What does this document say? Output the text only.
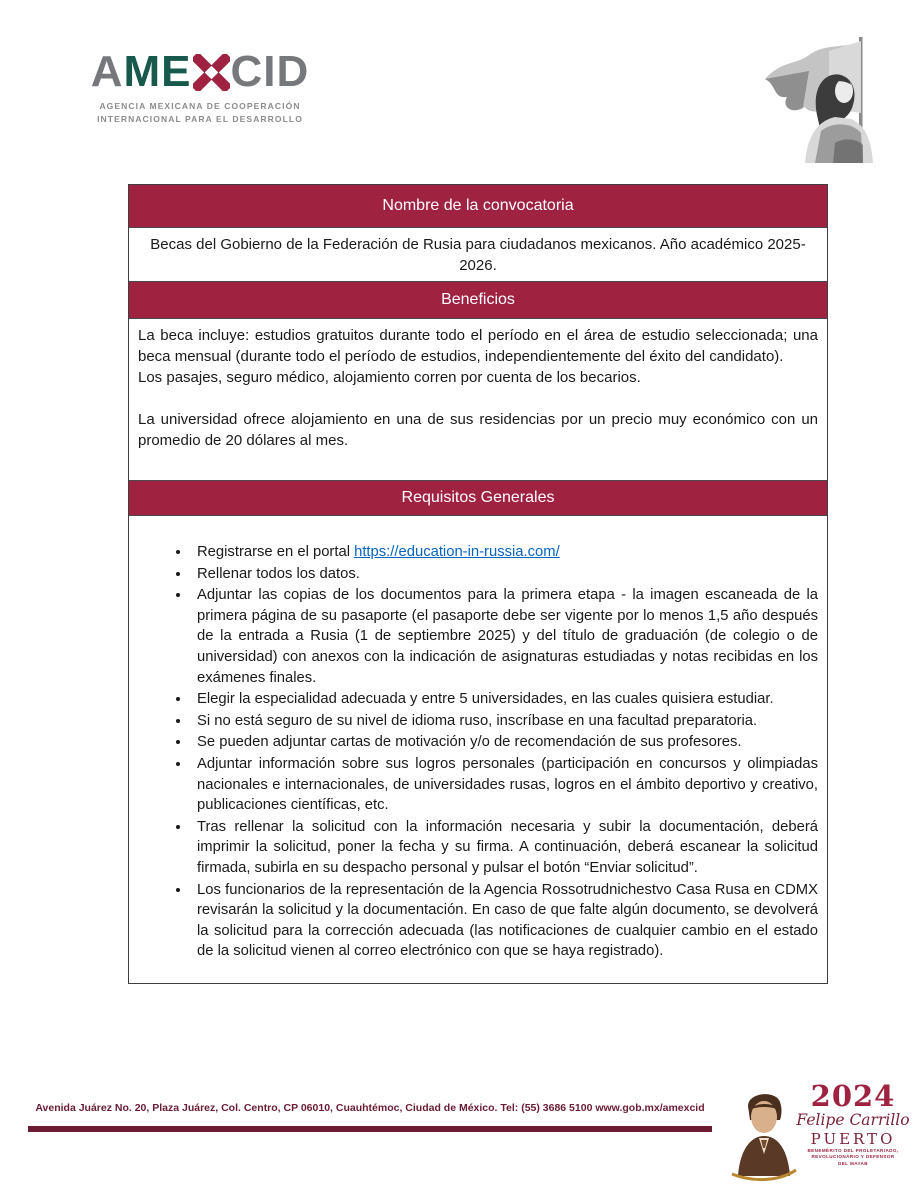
A ME CID
AGENCIA MEXICANA DE COOPERACIÓN
INTERNACIONAL PARA EL DESARROLLO
Nombre de la convocatoria
Becas del Gobierno de la Federación de Rusia para ciudadanos mexicanos. Año académico 2025-2026.
Beneficios

La beca incluye: estudios gratuitos durante todo el período en el área de estudio seleccionada; una beca mensual (durante todo el período de estudios, independientemente del éxito del candidato).

Los pasajes, seguro médico, alojamiento corren por cuenta de los becarios.

La universidad ofrece alojamiento en una de sus residencias por un precio muy económico con un promedio de 20 dólares al mes.

Requisitos Generales
• Registrarse en el portal https://education-in-russia.com/
• Rellenar todos los datos.
• Adjuntar las copias de los documentos para la primera etapa - la imagen escaneada de la primera página de su pasaporte (el pasaporte debe ser vigente por lo menos 1,5 año después de la entrada a Rusia (1 de septiembre 2025) y del título de graduación (de colegio o de universidad) con anexos con la indicación de asignaturas estudiadas y notas recibidas en los exámenes finales.
• Elegir la especialidad adecuada y entre 5 universidades, en las cuales quisiera estudiar.
• Si no está seguro de su nivel de idioma ruso, inscríbase en una facultad preparatoria.
• Se pueden adjuntar cartas de motivación y/o de recomendación de sus profesores.
• Adjuntar información sobre sus logros personales (participación en concursos y olimpiadas nacionales e internacionales, de universidades rusas, logros en el ámbito deportivo y creativo, publicaciones científicas, etc.
• Tras rellenar la solicitud con la información necesaria y subir la documentación, deberá imprimir la solicitud, poner la fecha y su firma. A continuación, deberá escanear la solicitud firmada, subirla en su despacho personal y pulsar el botón “Enviar solicitud”.
• Los funcionarios de la representación de la Agencia Rossotrudnichestvo Casa Rusa en CDMX revisarán la solicitud y la documentación. En caso de que falte algún documento, se devolverá la solicitud para la corrección adecuada (las notificaciones de cualquier cambio en el estado de la solicitud vienen al correo electrónico con que se haya registrado).
Avenida Juárez No. 20, Plaza Juárez, Col. Centro, CP 06010, Cuauhtémoc, Ciudad de México. Tel: (55) 3686 5100 www.gob.mx/amexcid	2024
Felipe Carrillo
PUERTO
BENEMÉRITO DEL PROLETARIADO,
REVOLUCIONARIO Y DEFENSOR
DEL MAYAB
